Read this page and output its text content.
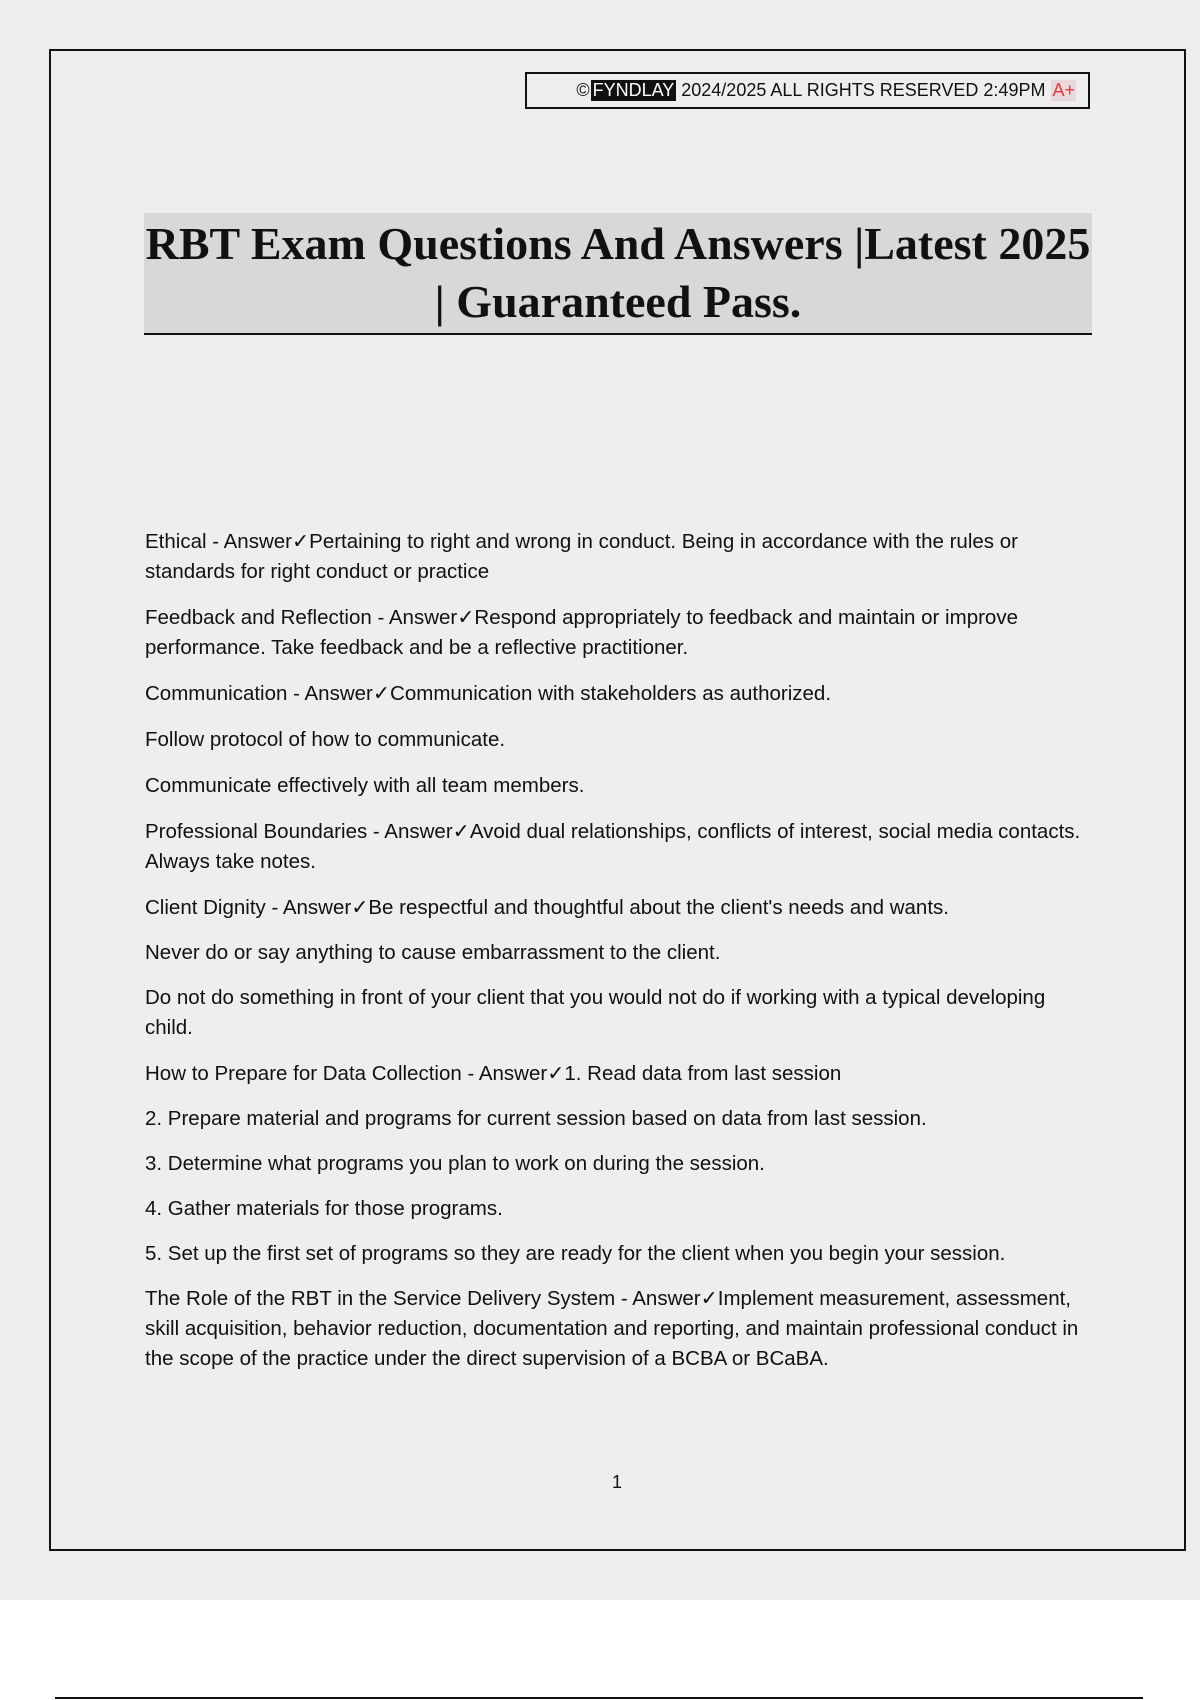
© FYNDLAY 2024/2025 ALL RIGHTS RESERVED 2:49PM A+
RBT Exam Questions And Answers |Latest 2025 | Guaranteed Pass.

Ethical - Answer✓Pertaining to right and wrong in conduct. Being in accordance with the rules or standards for right conduct or practice

Feedback and Reflection - Answer✓Respond appropriately to feedback and maintain or improve performance. Take feedback and be a reflective practitioner.

Communication - Answer✓Communication with stakeholders as authorized.

Follow protocol of how to communicate.

Communicate effectively with all team members.

Professional Boundaries - Answer✓Avoid dual relationships, conflicts of interest, social media contacts. Always take notes.

Client Dignity - Answer✓Be respectful and thoughtful about the client's needs and wants.

Never do or say anything to cause embarrassment to the client.

Do not do something in front of your client that you would not do if working with a typical developing child.

How to Prepare for Data Collection - Answer✓1. Read data from last session

2. Prepare material and programs for current session based on data from last session.

3. Determine what programs you plan to work on during the session.

4. Gather materials for those programs.

5. Set up the first set of programs so they are ready for the client when you begin your session.

The Role of the RBT in the Service Delivery System - Answer✓Implement measurement, assessment, skill acquisition, behavior reduction, documentation and reporting, and maintain professional conduct in the scope of the practice under the direct supervision of a BCBA or BCaBA.

1
